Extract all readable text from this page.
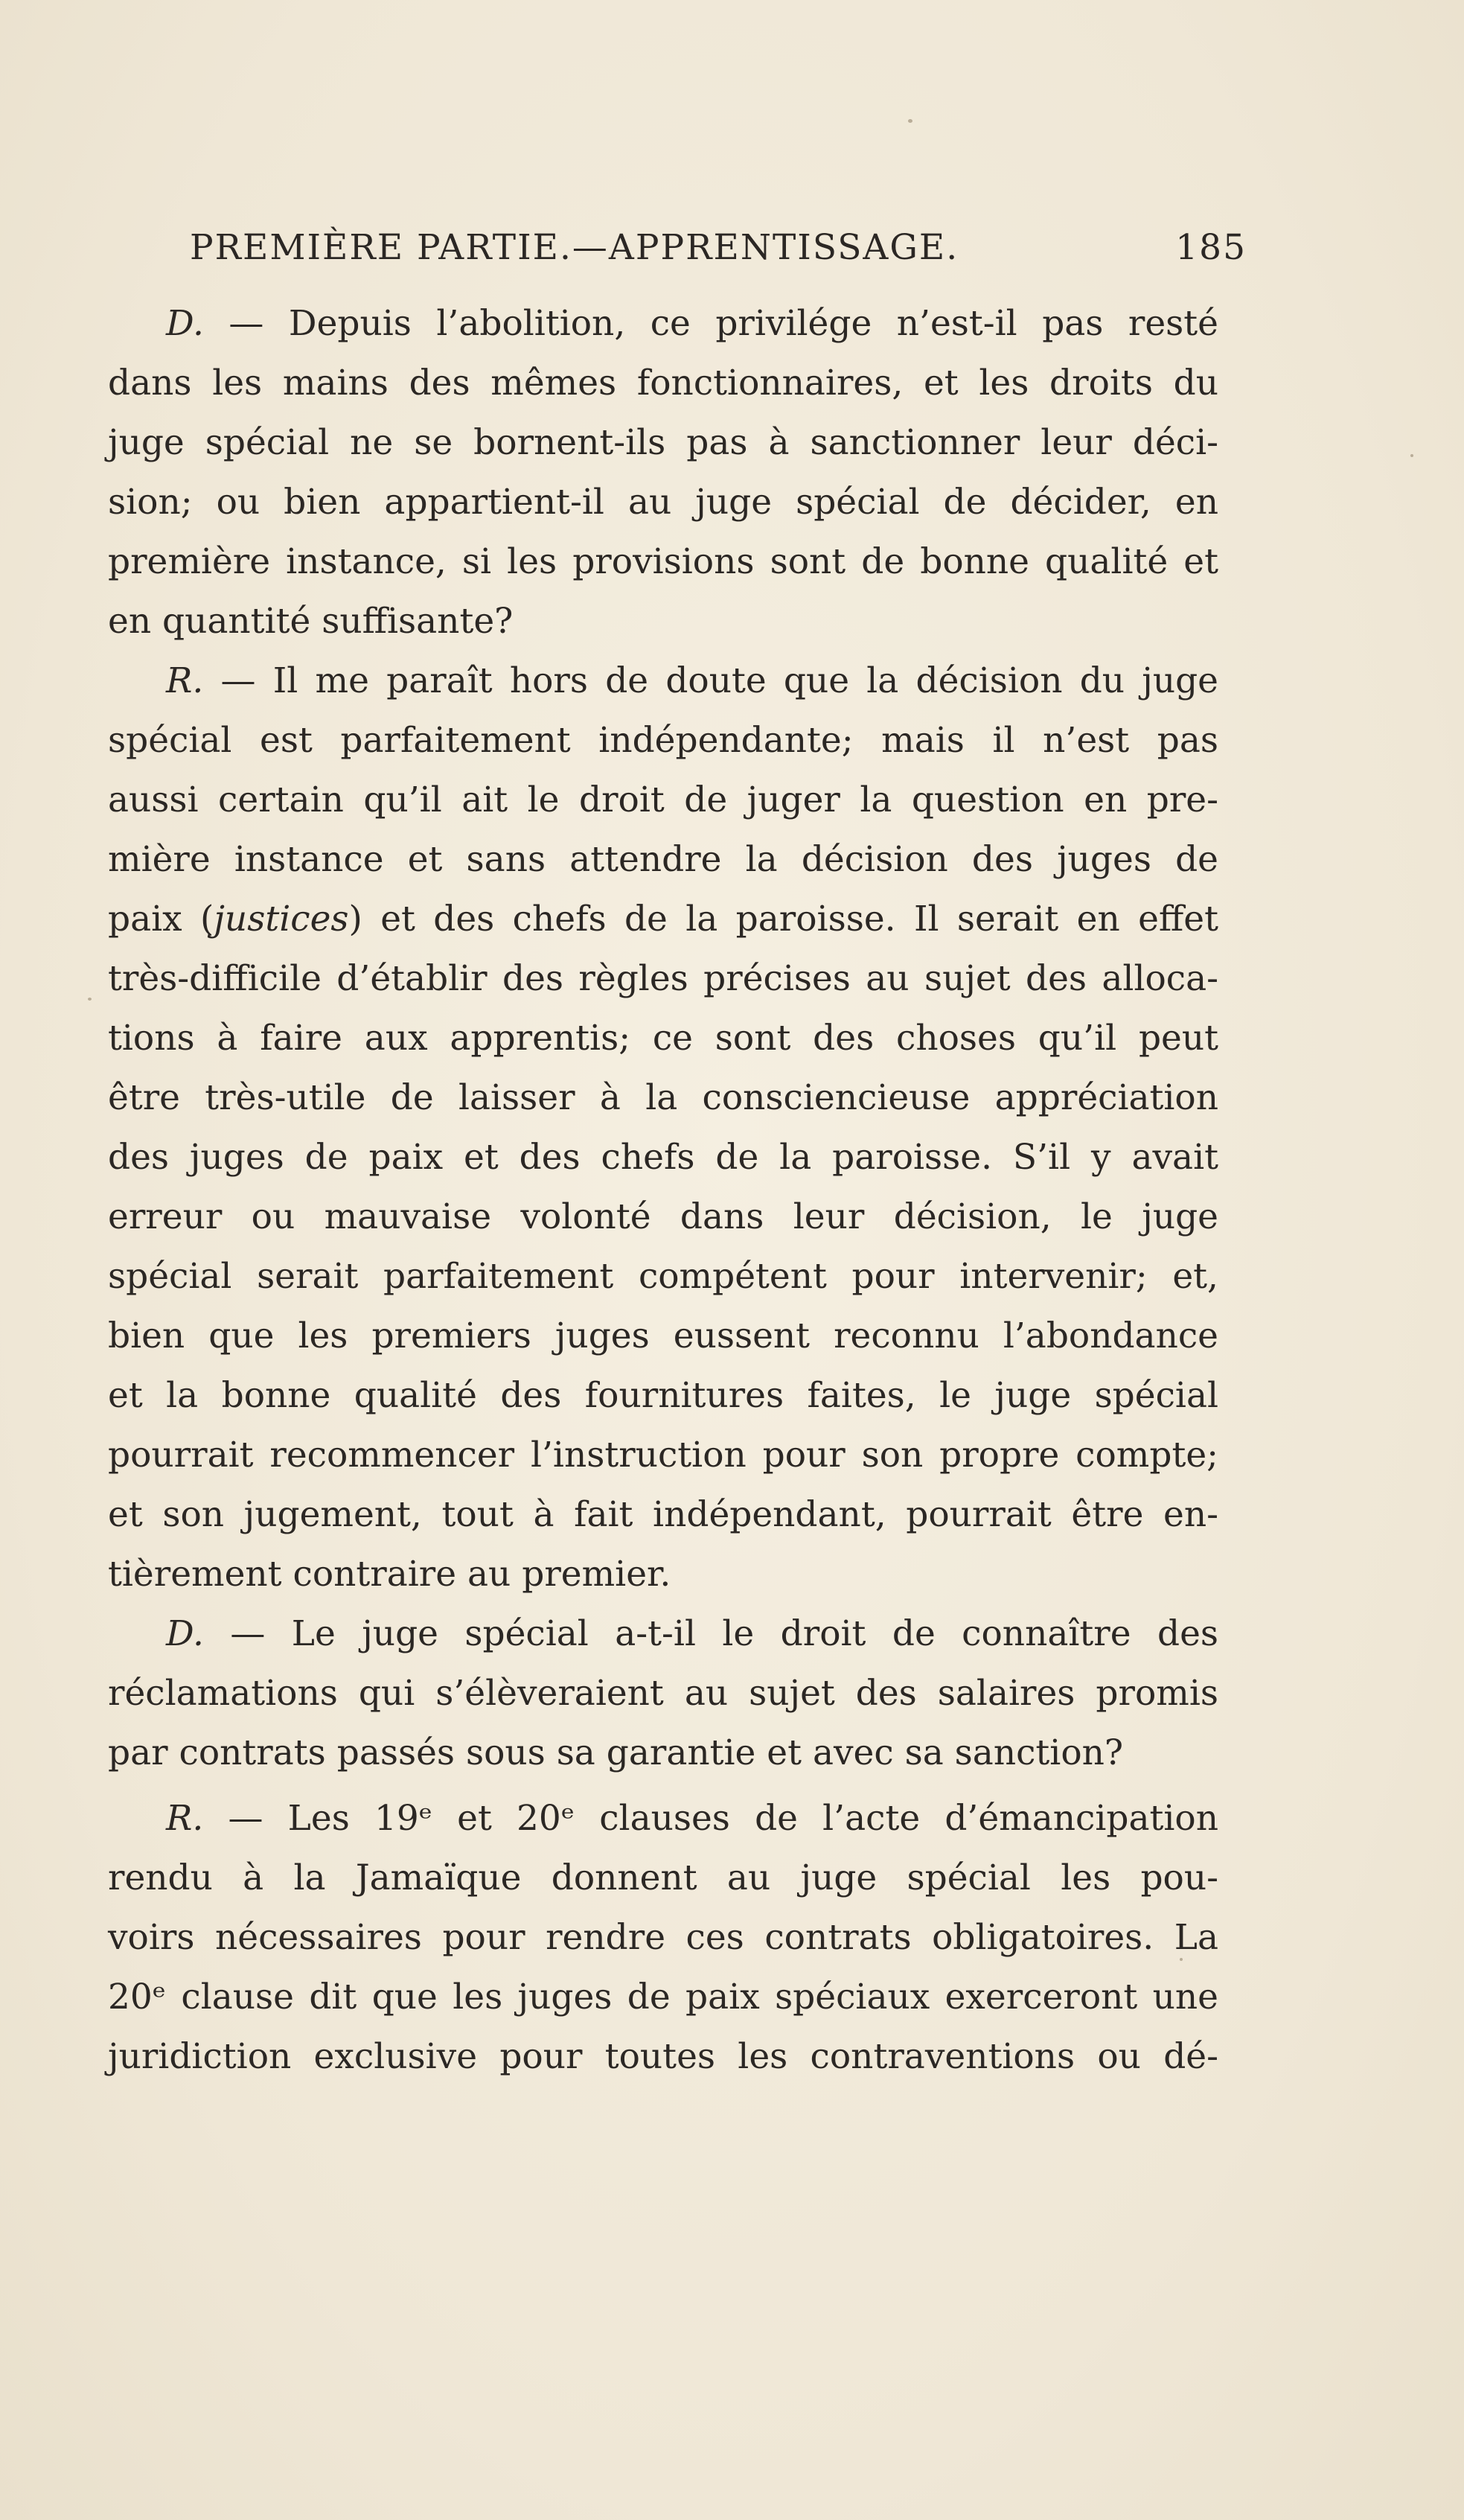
PREMIÈRE PARTIE.—APPRENTISSAGE.	185
D. — Depuis l’abolition, ce privilége n’est-il pas resté
dans les mains des mêmes fonctionnaires, et les droits du
juge spécial ne se bornent-ils pas à sanctionner leur déci-
sion; ou bien appartient-il au juge spécial de décider, en
première instance, si les provisions sont de bonne qualité et
en quantité suffisante?
R. — Il me paraît hors de doute que la décision du juge
spécial est parfaitement indépendante; mais il n’est pas
aussi certain qu’il ait le droit de juger la question en pre-
mière instance et sans attendre la décision des juges de
paix (justices) et des chefs de la paroisse. Il serait en effet
très-difficile d’établir des règles précises au sujet des alloca-
tions à faire aux apprentis; ce sont des choses qu’il peut
être très-utile de laisser à la consciencieuse appréciation
des juges de paix et des chefs de la paroisse. S’il y avait
erreur ou mauvaise volonté dans leur décision, le juge
spécial serait parfaitement compétent pour intervenir; et,
bien que les premiers juges eussent reconnu l’abondance
et la bonne qualité des fournitures faites, le juge spécial
pourrait recommencer l’instruction pour son propre compte;
et son jugement, tout à fait indépendant, pourrait être en-
tièrement contraire au premier.
D. — Le juge spécial a-t-il le droit de connaître des
réclamations qui s’élèveraient au sujet des salaires promis
par contrats passés sous sa garantie et avec sa sanction?
R. — Les 19ᵉ et 20ᵉ clauses de l’acte d’émancipation
rendu à la Jamaïque donnent au juge spécial les pou-
voirs nécessaires pour rendre ces contrats obligatoires. La
20ᵉ clause dit que les juges de paix spéciaux exerceront une
juridiction exclusive pour toutes les contraventions ou dé-
